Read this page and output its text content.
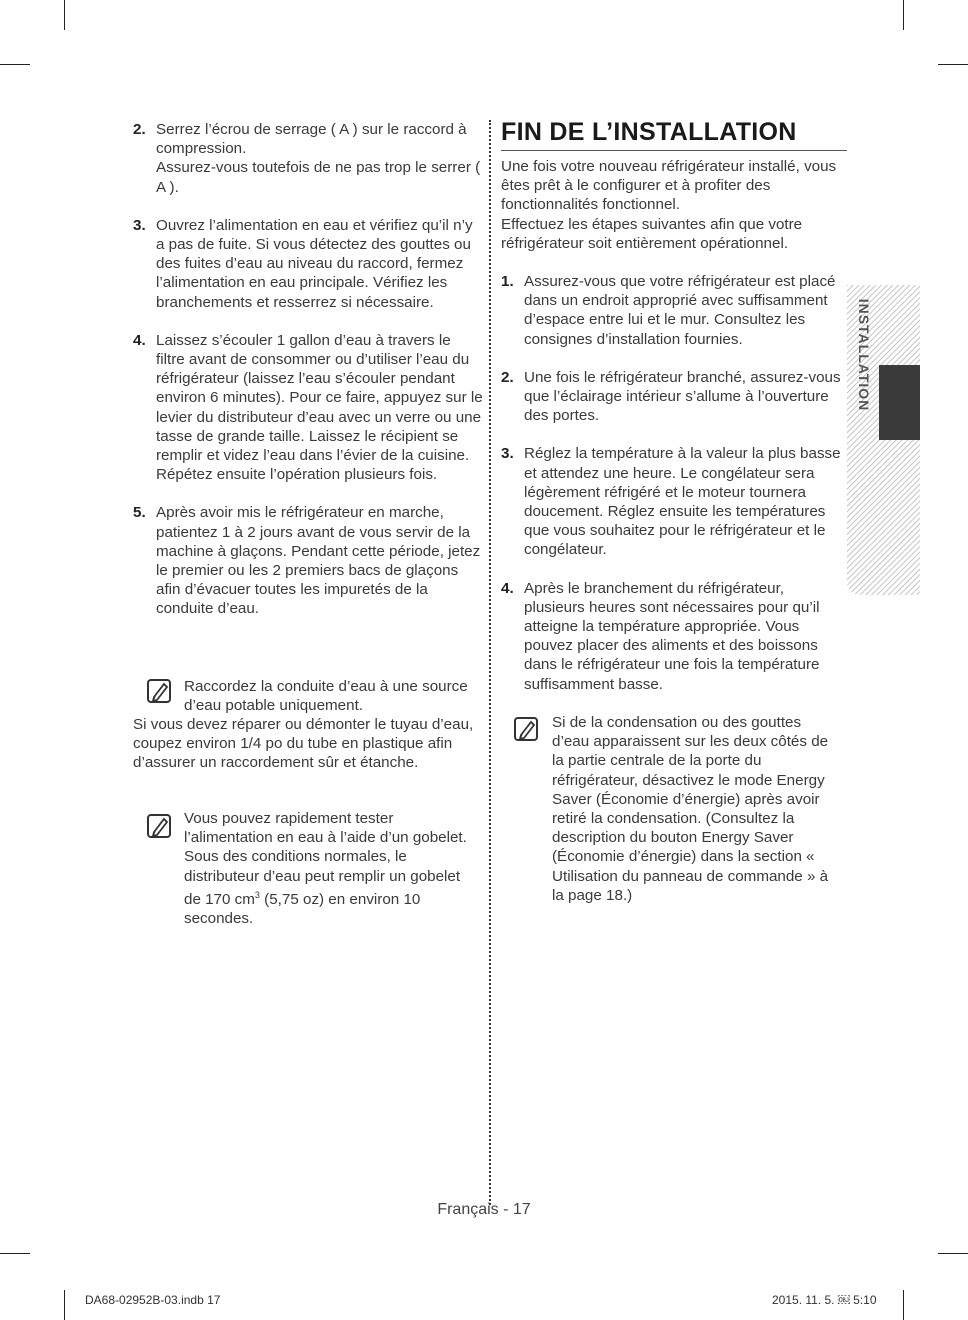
2. Serrez l’écrou de serrage ( A ) sur le raccord à compression.

Assurez-vous toutefois de ne pas trop le serrer ( A ).

3. Ouvrez l’alimentation en eau et vérifiez qu’il n’y a pas de fuite. Si vous détectez des gouttes ou des fuites d’eau au niveau du raccord, fermez l’alimentation en eau principale. Vérifiez les branchements et resserrez si nécessaire.

4. Laissez s’écouler 1 gallon d’eau à travers le filtre avant de consommer ou d’utiliser l’eau du réfrigérateur (laissez l’eau s’écouler pendant environ 6 minutes). Pour ce faire, appuyez sur le levier du distributeur d’eau avec un verre ou une tasse de grande taille. Laissez le récipient se remplir et videz l’eau dans l’évier de la cuisine. Répétez ensuite l’opération plusieurs fois.

5. Après avoir mis le réfrigérateur en marche, patientez 1 à 2 jours avant de vous servir de la machine à glaçons. Pendant cette période, jetez le premier ou les 2 premiers bacs de glaçons afin d’évacuer toutes les impuretés de la conduite d’eau.

Raccordez la conduite d’eau à une source d’eau potable uniquement.
Si vous devez réparer ou démonter le tuyau d’eau, coupez environ 1/4 po du tube en plastique afin d’assurer un raccordement sûr et étanche.
Vous pouvez rapidement tester l’alimentation en eau à l’aide d’un gobelet. Sous des conditions normales, le distributeur d’eau peut remplir un gobelet de 170 $cm^3$ (5,75 oz) en environ 10 secondes.
FIN DE L’INSTALLATION

Une fois votre nouveau réfrigérateur installé, vous êtes prêt à le configurer et à profiter des fonctionnalités fonctionnel.

Effectuez les étapes suivantes afin que votre réfrigérateur soit entièrement opérationnel.

1. Assurez-vous que votre réfrigérateur est placé dans un endroit approprié avec suffisamment d’espace entre lui et le mur. Consultez les consignes d’installation fournies.

2. Une fois le réfrigérateur branché, assurez-vous que l’éclairage intérieur s’allume à l’ouverture des portes.

3. Réglez la température à la valeur la plus basse et attendez une heure. Le congélateur sera légèrement réfrigéré et le moteur tournera doucement. Réglez ensuite les températures que vous souhaitez pour le réfrigérateur et le congélateur.

4. Après le branchement du réfrigérateur, plusieurs heures sont nécessaires pour qu’il atteigne la température appropriée. Vous pouvez placer des aliments et des boissons dans le réfrigérateur une fois la température suffisamment basse.

Si de la condensation ou des gouttes d’eau apparaissent sur les deux côtés de la partie centrale de la porte du réfrigérateur, désactivez le mode Energy Saver (Économie d’énergie) après avoir retiré la condensation. (Consultez la description du bouton Energy Saver (Économie d’énergie) dans la section « Utilisation du panneau de commande » à la page 18.)
INSTALLATION
Français - 17
DA68-02952B-03.indb 17	2015. 11. 5. ￼ 5:10
